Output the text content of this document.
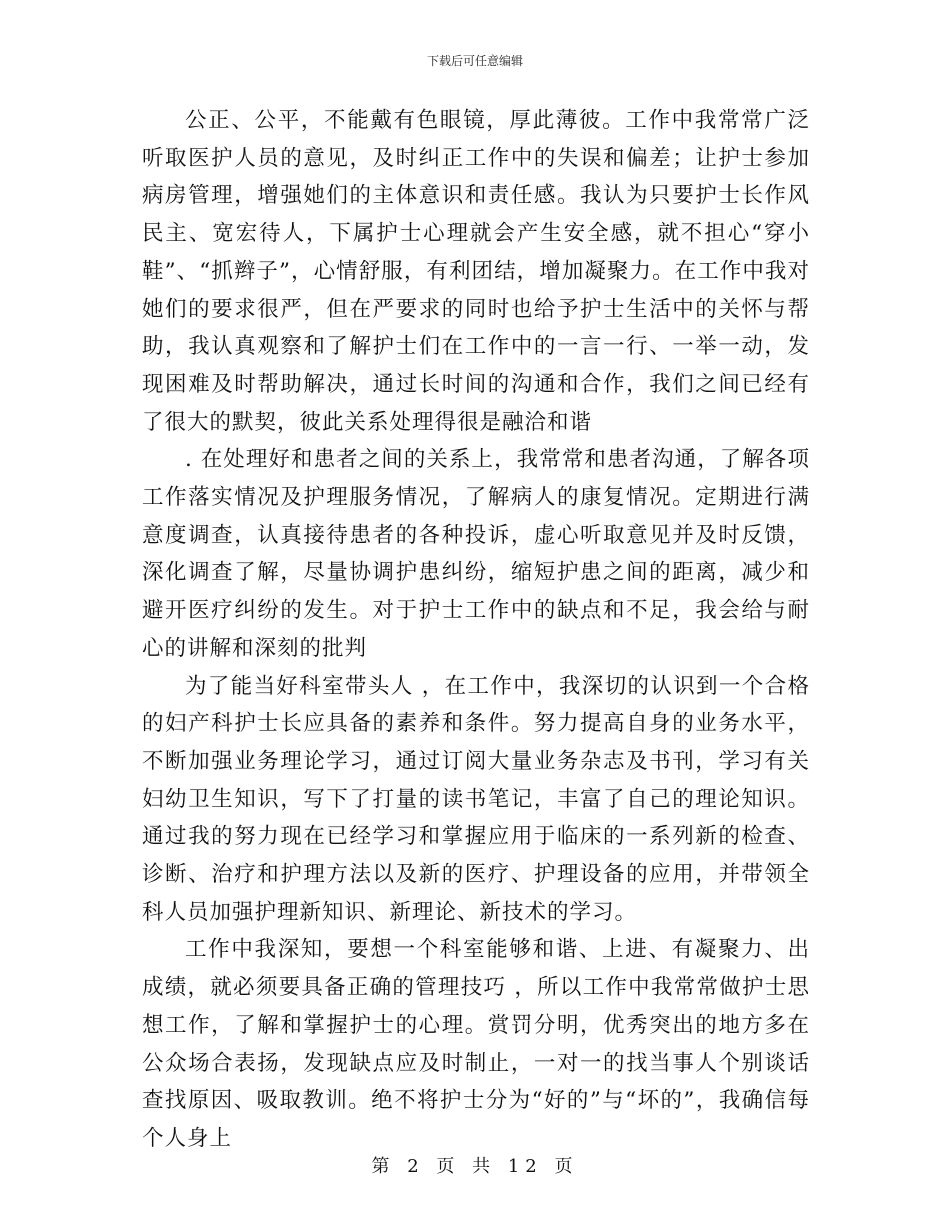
下载后可任意编辑

公正、公平，不能戴有色眼镜，厚此薄彼。工作中我常常广泛听取医护人员的意见，及时纠正工作中的失误和偏差；让护士参加病房管理，增强她们的主体意识和责任感。我认为只要护士长作风民主、宽宏待人，下属护士心理就会产生安全感，就不担心“穿小鞋”、“抓辫子”，心情舒服，有利团结，增加凝聚力。在工作中我对她们的要求很严，但在严要求的同时也给予护士生活中的关怀与帮助，我认真观察和了解护士们在工作中的一言一行、一举一动，发现困难及时帮助解决，通过长时间的沟通和合作，我们之间已经有了很大的默契，彼此关系处理得很是融洽和谐

. 在处理好和患者之间的关系上，我常常和患者沟通，了解各项工作落实情况及护理服务情况，了解病人的康复情况。定期进行满意度调查，认真接待患者的各种投诉，虚心听取意见并及时反馈，深化调查了解，尽量协调护患纠纷，缩短护患之间的距离，减少和避开医疗纠纷的发生。对于护士工作中的缺点和不足，我会给与耐心的讲解和深刻的批判

为了能当好科室带头人 ，在工作中，我深切的认识到一个合格的妇产科护士长应具备的素养和条件。努力提高自身的业务水平，不断加强业务理论学习，通过订阅大量业务杂志及书刊，学习有关妇幼卫生知识，写下了打量的读书笔记，丰富了自己的理论知识。通过我的努力现在已经学习和掌握应用于临床的一系列新的检查、诊断、治疗和护理方法以及新的医疗、护理设备的应用，并带领全科人员加强护理新知识、新理论、新技术的学习。

工作中我深知，要想一个科室能够和谐、上进、有凝聚力、出成绩，就必须要具备正确的管理技巧 ，所以工作中我常常做护士思想工作，了解和掌握护士的心理。赏罚分明，优秀突出的地方多在公众场合表扬，发现缺点应及时制止，一对一的找当事人个别谈话查找原因、吸取教训。绝不将护士分为“好的”与“坏的”，我确信每个人身上

第 2 页 共 12 页
